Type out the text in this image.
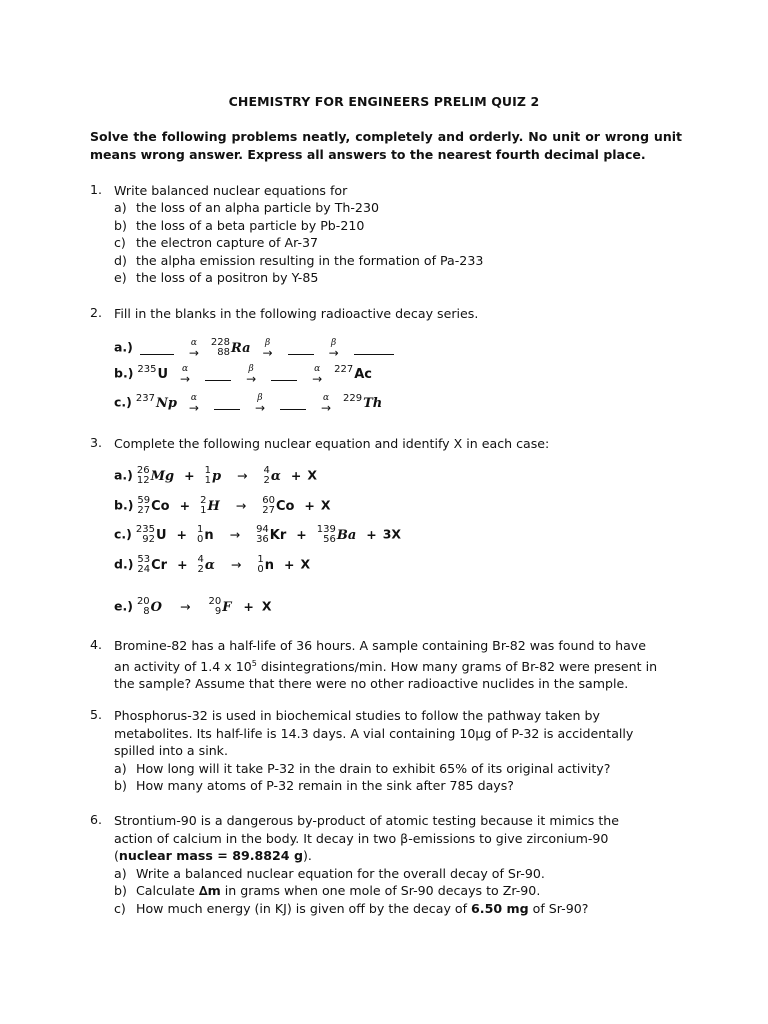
CHEMISTRY FOR ENGINEERS PRELIM QUIZ 2
Solve the following problems neatly, completely and orderly. No unit or wrong unit means wrong answer. Express all answers to the nearest fourth decimal place.
1. Write balanced nuclear equations for
a) the loss of an alpha particle by Th-230
b) the loss of a beta particle by Pb-210
c) the electron capture of Ar-37
d) the alpha emission resulting in the formation of Pa-233
e) the loss of a positron by Y-85
2. Fill in the blanks in the following radioactive decay series.
a.)	α
→

228
88 Ra
β
→

β
→

b.) 235 U
α
→

β
→

α
→

227 Ac
c.) 237 Np
α
→

β
→

α
→

229 Th
3. Complete the following nuclear equation and identify X in each case:
a.) 26
12 Mg + 1
1 p → 4
2 α + X
b.) 59
27 Co + 2
1 H → 60
27 Co + X
c.) 235
92 U + 1
0 n → 94
36 Kr + 139
56 Ba + 3X
d.) 53
24 Cr + 4
2 α → 1
0 n + X
e.) 20
8 O → 20
9 F + X
4. Bromine-82 has a half-life of 36 hours. A sample containing Br-82 was found to have
an activity of 1.4 x $10^5$ disintegrations/min. How many grams of Br-82 were present in
the sample? Assume that there were no other radioactive nuclides in the sample.
5. Phosphorus-32 is used in biochemical studies to follow the pathway taken by
metabolites. Its half-life is 14.3 days. A vial containing 10μg of P-32 is accidentally
spilled into a sink.
a) How long will it take P-32 in the drain to exhibit 65% of its original activity?
b) How many atoms of P-32 remain in the sink after 785 days?
6. Strontium-90 is a dangerous by-product of atomic testing because it mimics the
action of calcium in the body. It decay in two β-emissions to give zirconium-90
(nuclear mass = 89.8824 g).
a) Write a balanced nuclear equation for the overall decay of Sr-90.
b) Calculate ∆m in grams when one mole of Sr-90 decays to Zr-90.
c) How much energy (in KJ) is given off by the decay of 6.50 mg of Sr-90?
